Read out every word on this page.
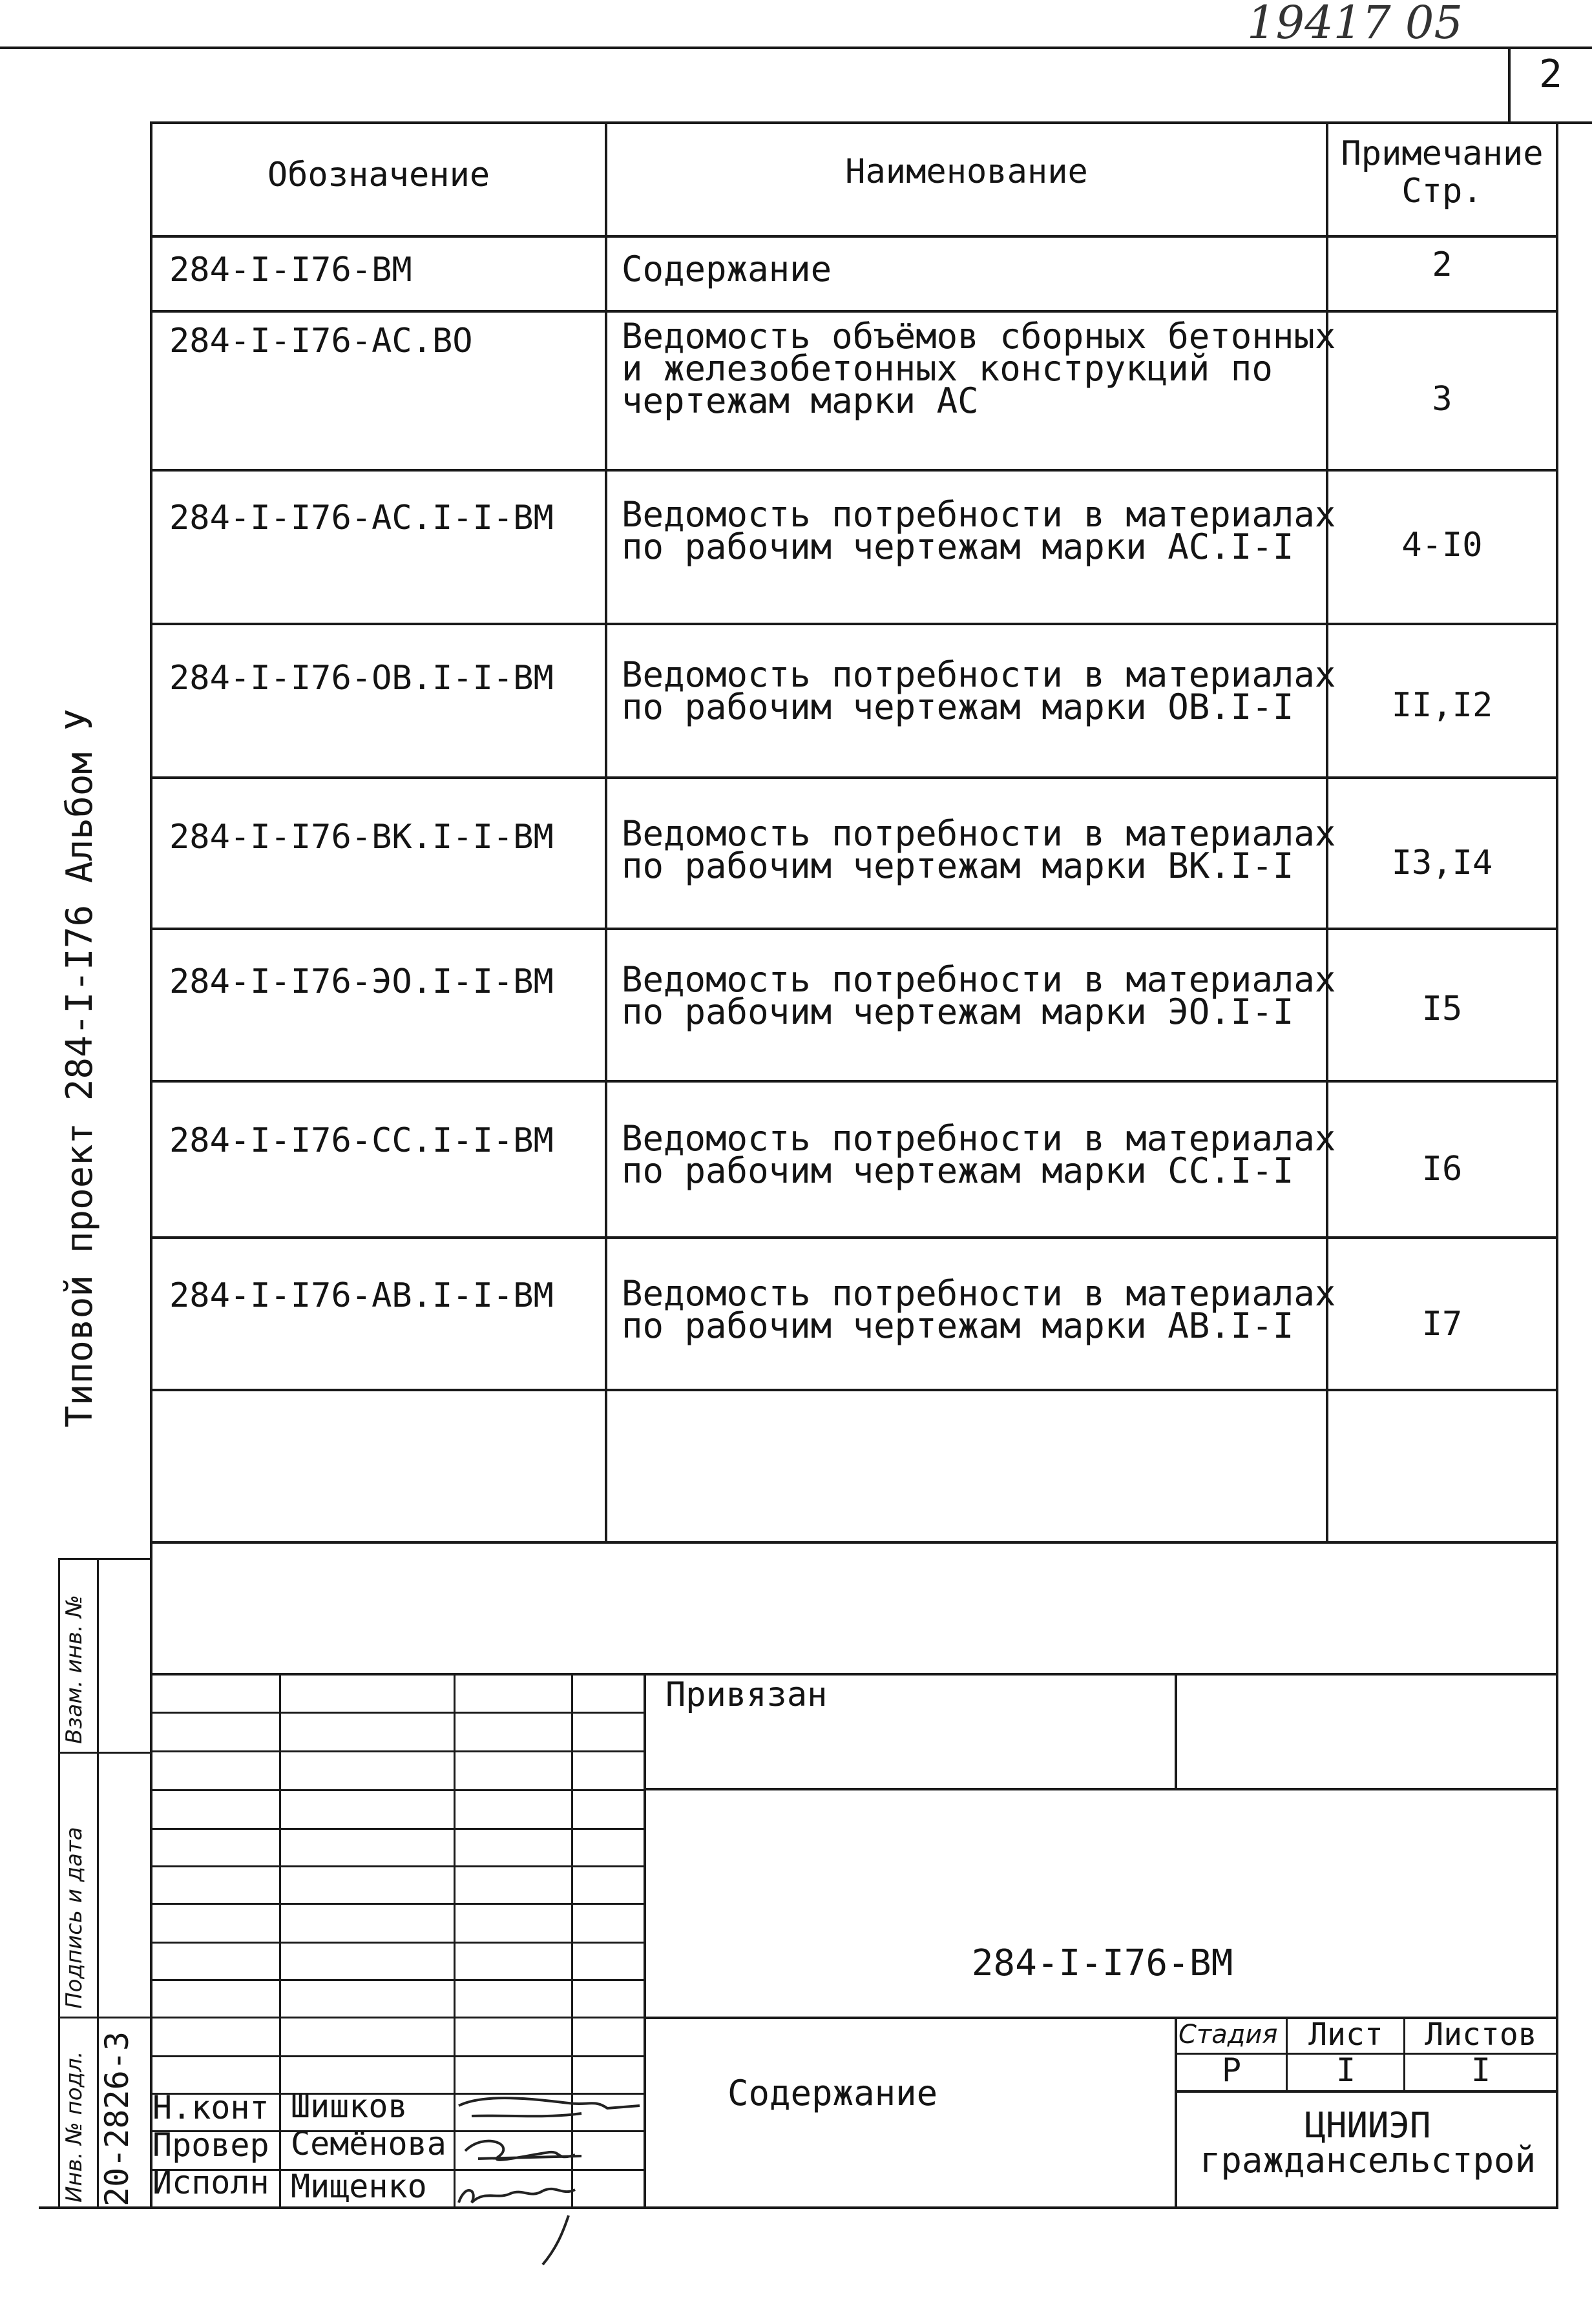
19417 05
2
Типовой проект 284-I-I76 Альбом У
Обозначение	Наименование	Примечание
Стр.
284-I-I76-ВМ	Содержание	2
284-I-I76-АС.ВО	Ведомость объёмов сборных бетонных
и железобетонных конструкций по
чертежам марки АС	3
284-I-I76-АС.I-I-ВМ Ведомость потребности в материалах
по рабочим чертежам марки АС.I-I	4-I0
284-I-I76-ОВ.I-I-ВМ Ведомость потребности в материалах
по рабочим чертежам марки ОВ.I-I	II,I2
284-I-I76-ВК.I-I-ВМ Ведомость потребности в материалах
по рабочим чертежам марки ВК.I-I	I3,I4
284-I-I76-ЭО.I-I-ВМ Ведомость потребности в материалах
по рабочим чертежам марки ЭО.I-I	I5
284-I-I76-СС.I-I-ВМ Ведомость потребности в материалах
по рабочим чертежам марки СС.I-I	I6
284-I-I76-АВ.I-I-ВМ Ведомость потребности в материалах
по рабочим чертежам марки АВ.I-I	I7
Взам. инв. №
Подпись и дата
Инв. № подл. 20-2826-3
Привязан
284-I-I76-ВМ
Содержание
Стадия Лист	Листов
Р	I	I
ЦНИИЭП
граждансельстрой
Н.конт Шишков
Провер Семёнова
Исполн Мищенко
